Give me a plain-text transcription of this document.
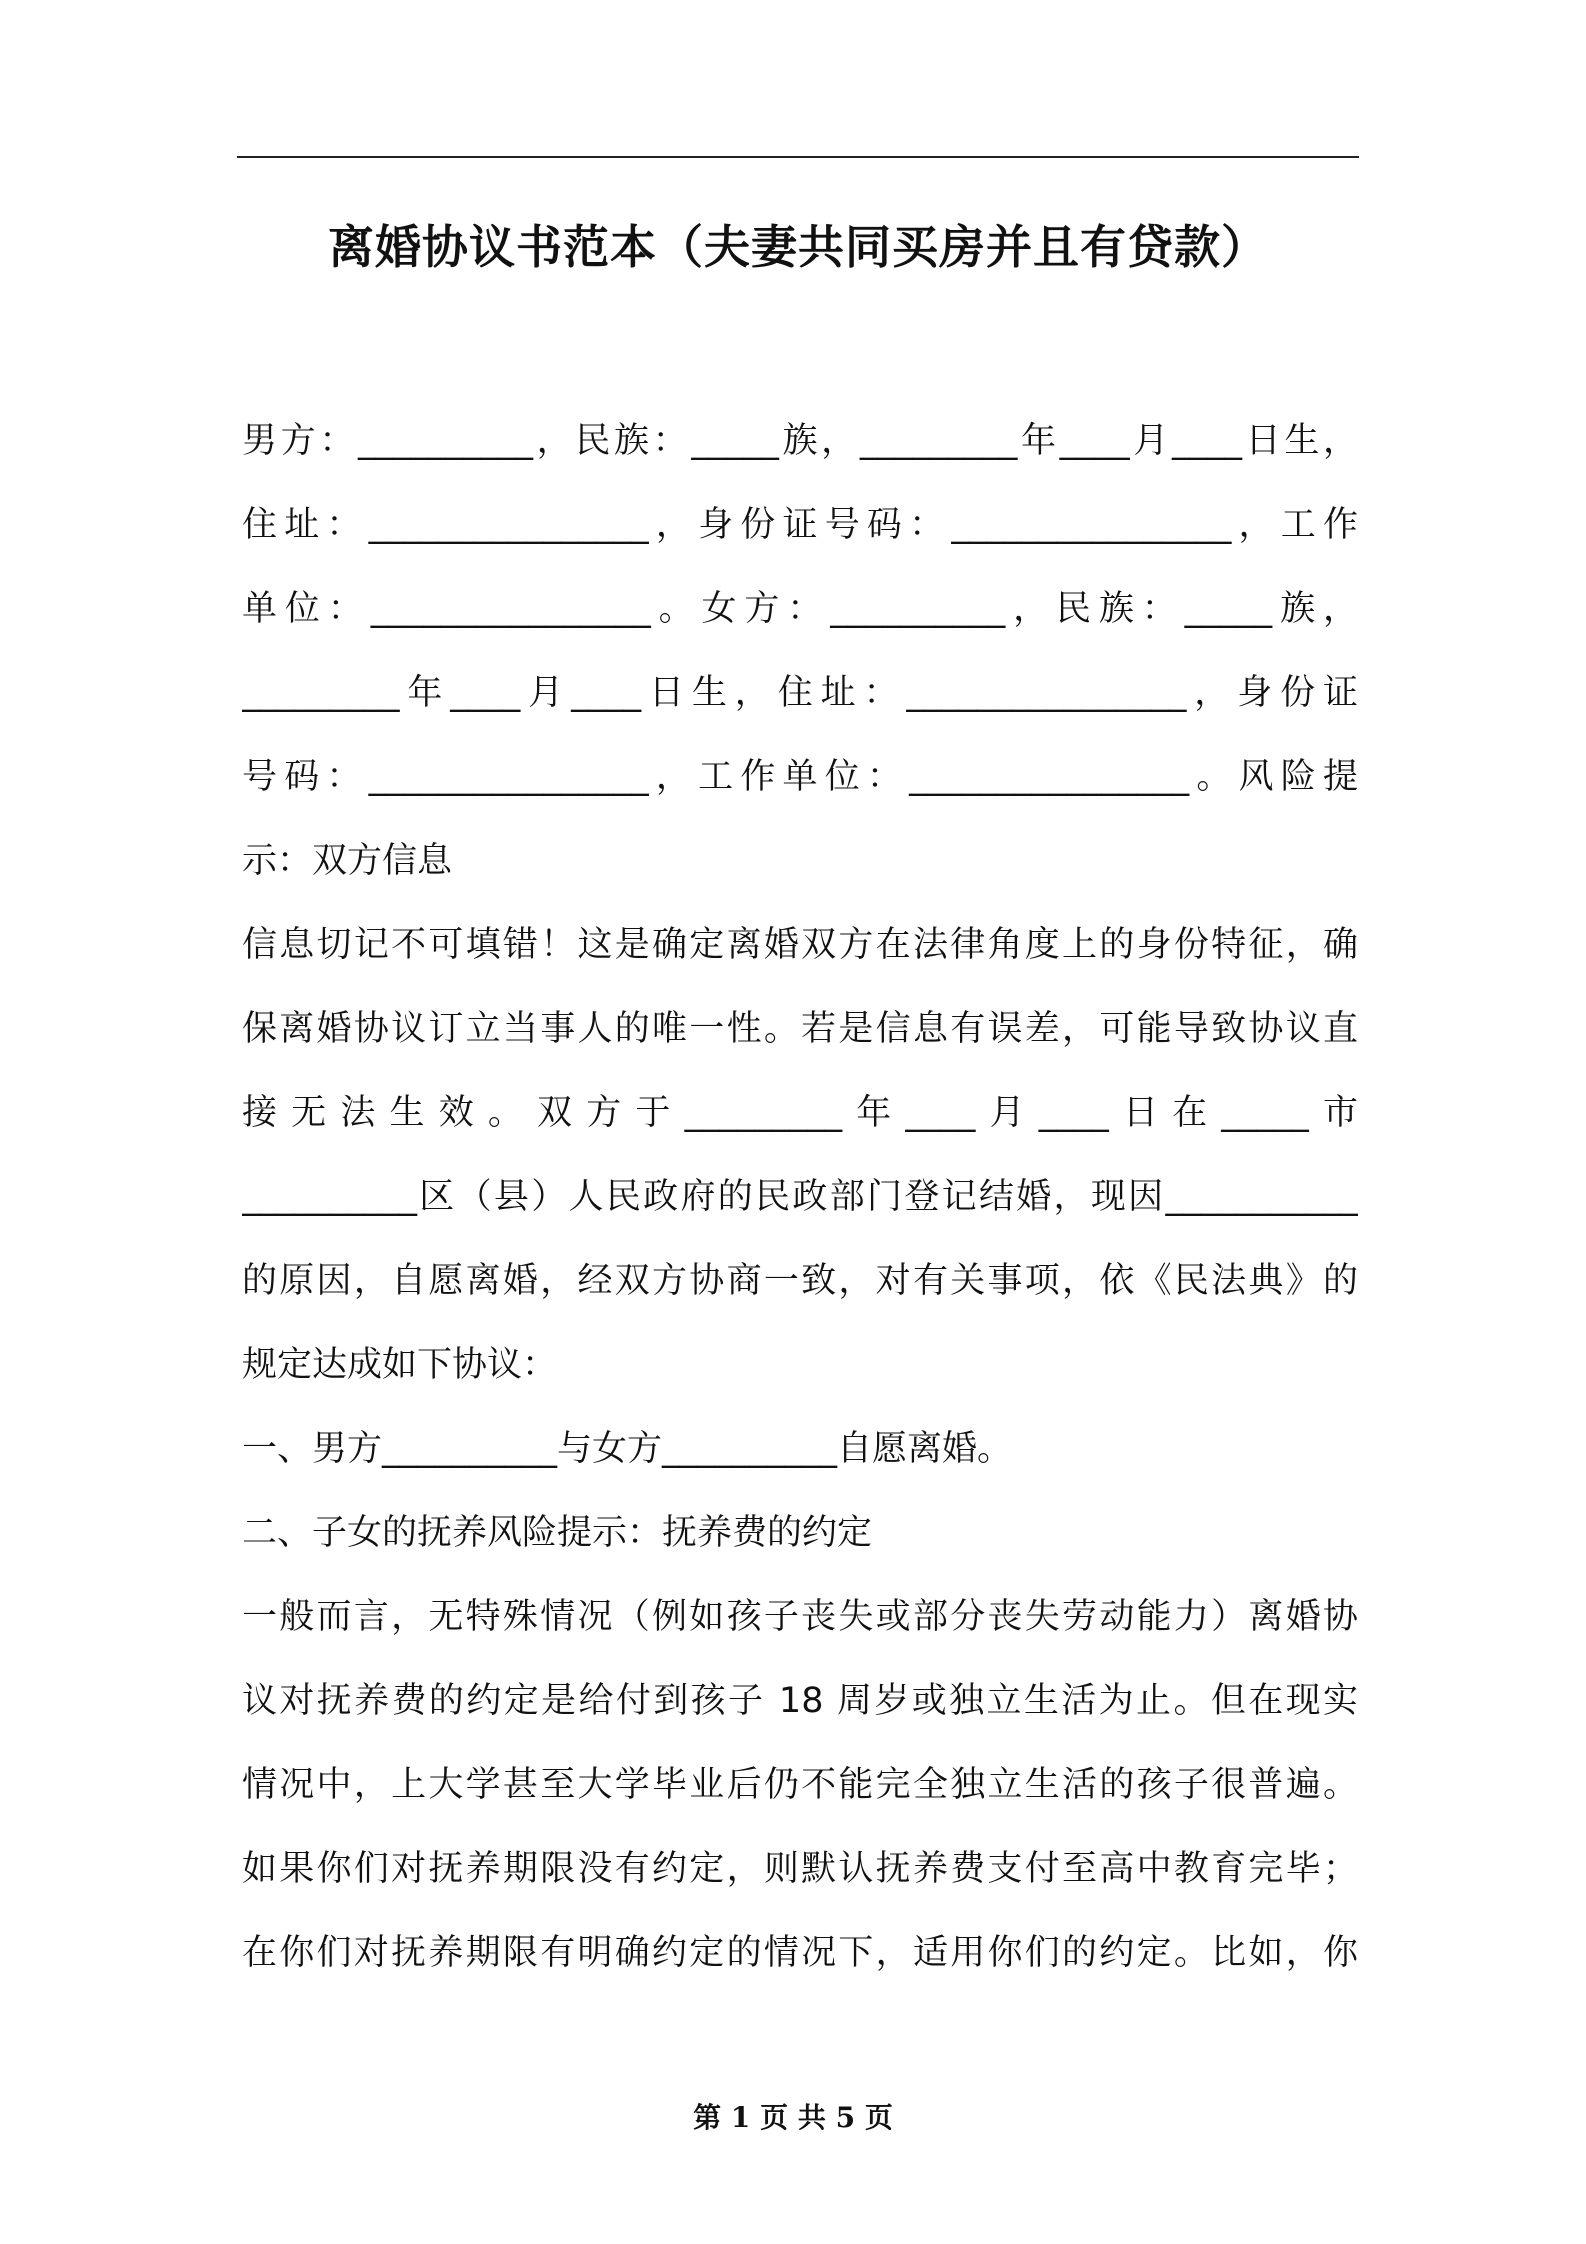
离婚协议书范本（夫妻共同买房并且有贷款）
男方：__________，民族：_____族，_________年____月____日生，
住址：________________，身份证号码：________________，工作
单位：________________。女方：__________，民族：_____族，
_________年____月____日生，住址：________________，身份证
号码：________________，工作单位：________________。风险提
示：双方信息
信息切记不可填错！这是确定离婚双方在法律角度上的身份特征，确
保离婚协议订立当事人的唯一性。若是信息有误差，可能导致协议直
接无法生效。双方于_________年____月____日在_____市
__________区（县）人民政府的民政部门登记结婚，现因___________
的原因，自愿离婚，经双方协商一致，对有关事项，依《民法典》的
规定达成如下协议：
一、男方__________与女方__________自愿离婚。
二、子女的抚养风险提示：抚养费的约定
一般而言，无特殊情况（例如孩子丧失或部分丧失劳动能力）离婚协
议对抚养费的约定是给付到孩子 18 周岁或独立生活为止。但在现实
情况中，上大学甚至大学毕业后仍不能完全独立生活的孩子很普遍。
如果你们对抚养期限没有约定，则默认抚养费支付至高中教育完毕；
在你们对抚养期限有明确约定的情况下，适用你们的约定。比如，你
第 1 页 共 5 页
